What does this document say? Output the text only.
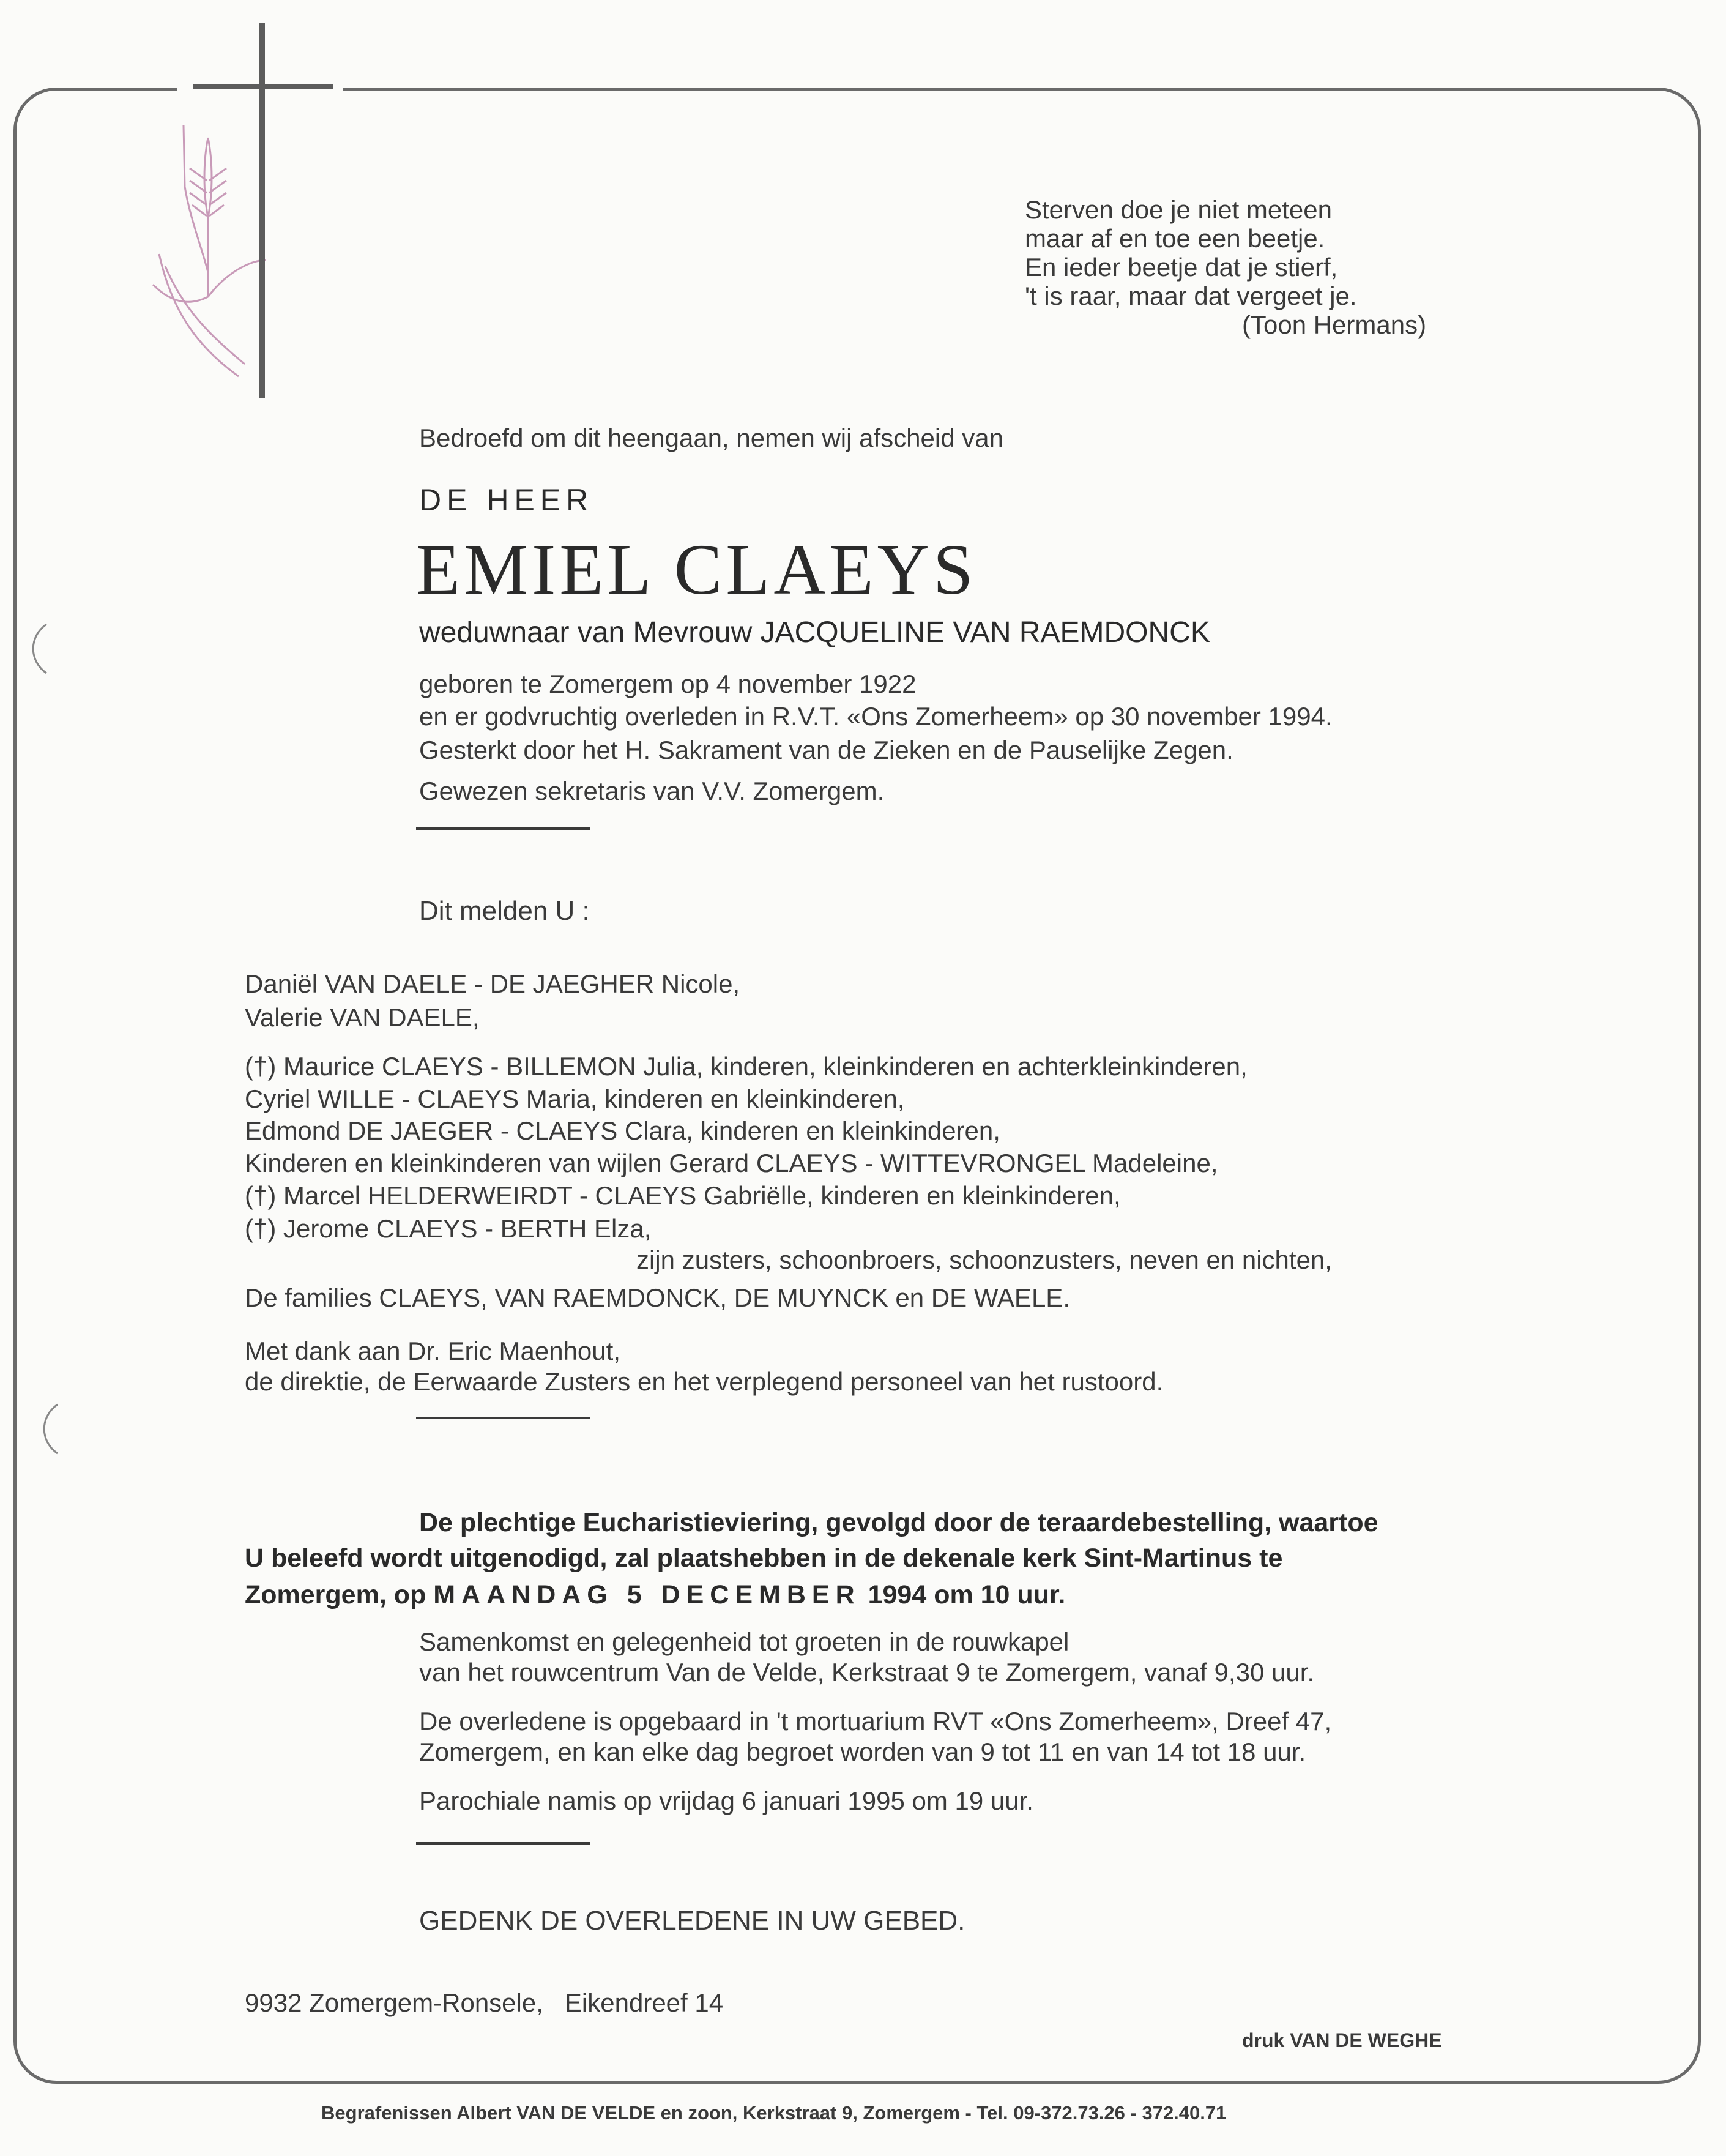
Sterven doe je niet meteen
maar af en toe een beetje.
En ieder beetje dat je stierf,
't is raar, maar dat vergeet je.
(Toon Hermans)
Bedroefd om dit heengaan, nemen wij afscheid van
DE HEER
EMIEL CLAEYS
weduwnaar van Mevrouw JACQUELINE VAN RAEMDONCK
geboren te Zomergem op 4 november 1922
en er godvruchtig overleden in R.V.T. «Ons Zomerheem» op 30 november 1994.
Gesterkt door het H. Sakrament van de Zieken en de Pauselijke Zegen.
Gewezen sekretaris van V.V. Zomergem.
Dit melden U :
Daniël VAN DAELE - DE JAEGHER Nicole,
Valerie VAN DAELE,
(†) Maurice CLAEYS - BILLEMON Julia, kinderen, kleinkinderen en achterkleinkinderen,
Cyriel WILLE - CLAEYS Maria, kinderen en kleinkinderen,
Edmond DE JAEGER - CLAEYS Clara, kinderen en kleinkinderen,
Kinderen en kleinkinderen van wijlen Gerard CLAEYS - WITTEVRONGEL Madeleine,
(†) Marcel HELDERWEIRDT - CLAEYS Gabriëlle, kinderen en kleinkinderen,
(†) Jerome CLAEYS - BERTH Elza,
zijn zusters, schoonbroers, schoonzusters, neven en nichten,
De families CLAEYS, VAN RAEMDONCK, DE MUYNCK en DE WAELE.
Met dank aan Dr. Eric Maenhout,
de direktie, de Eerwaarde Zusters en het verplegend personeel van het rustoord.
De plechtige Eucharistieviering, gevolgd door de teraardebestelling, waartoe
U beleefd wordt uitgenodigd, zal plaatshebben in de dekenale kerk Sint-Martinus te
Zomergem, op MAANDAG 5 DECEMBER 1994 om 10 uur.
Samenkomst en gelegenheid tot groeten in de rouwkapel
van het rouwcentrum Van de Velde, Kerkstraat 9 te Zomergem, vanaf 9,30 uur.
De overledene is opgebaard in 't mortuarium RVT «Ons Zomerheem», Dreef 47,
Zomergem, en kan elke dag begroet worden van 9 tot 11 en van 14 tot 18 uur.
Parochiale namis op vrijdag 6 januari 1995 om 19 uur.
GEDENK DE OVERLEDENE IN UW GEBED.
9932 Zomergem-Ronsele,   Eikendreef 14
druk VAN DE WEGHE
Begrafenissen Albert VAN DE VELDE en zoon, Kerkstraat 9, Zomergem - Tel. 09-372.73.26 - 372.40.71
